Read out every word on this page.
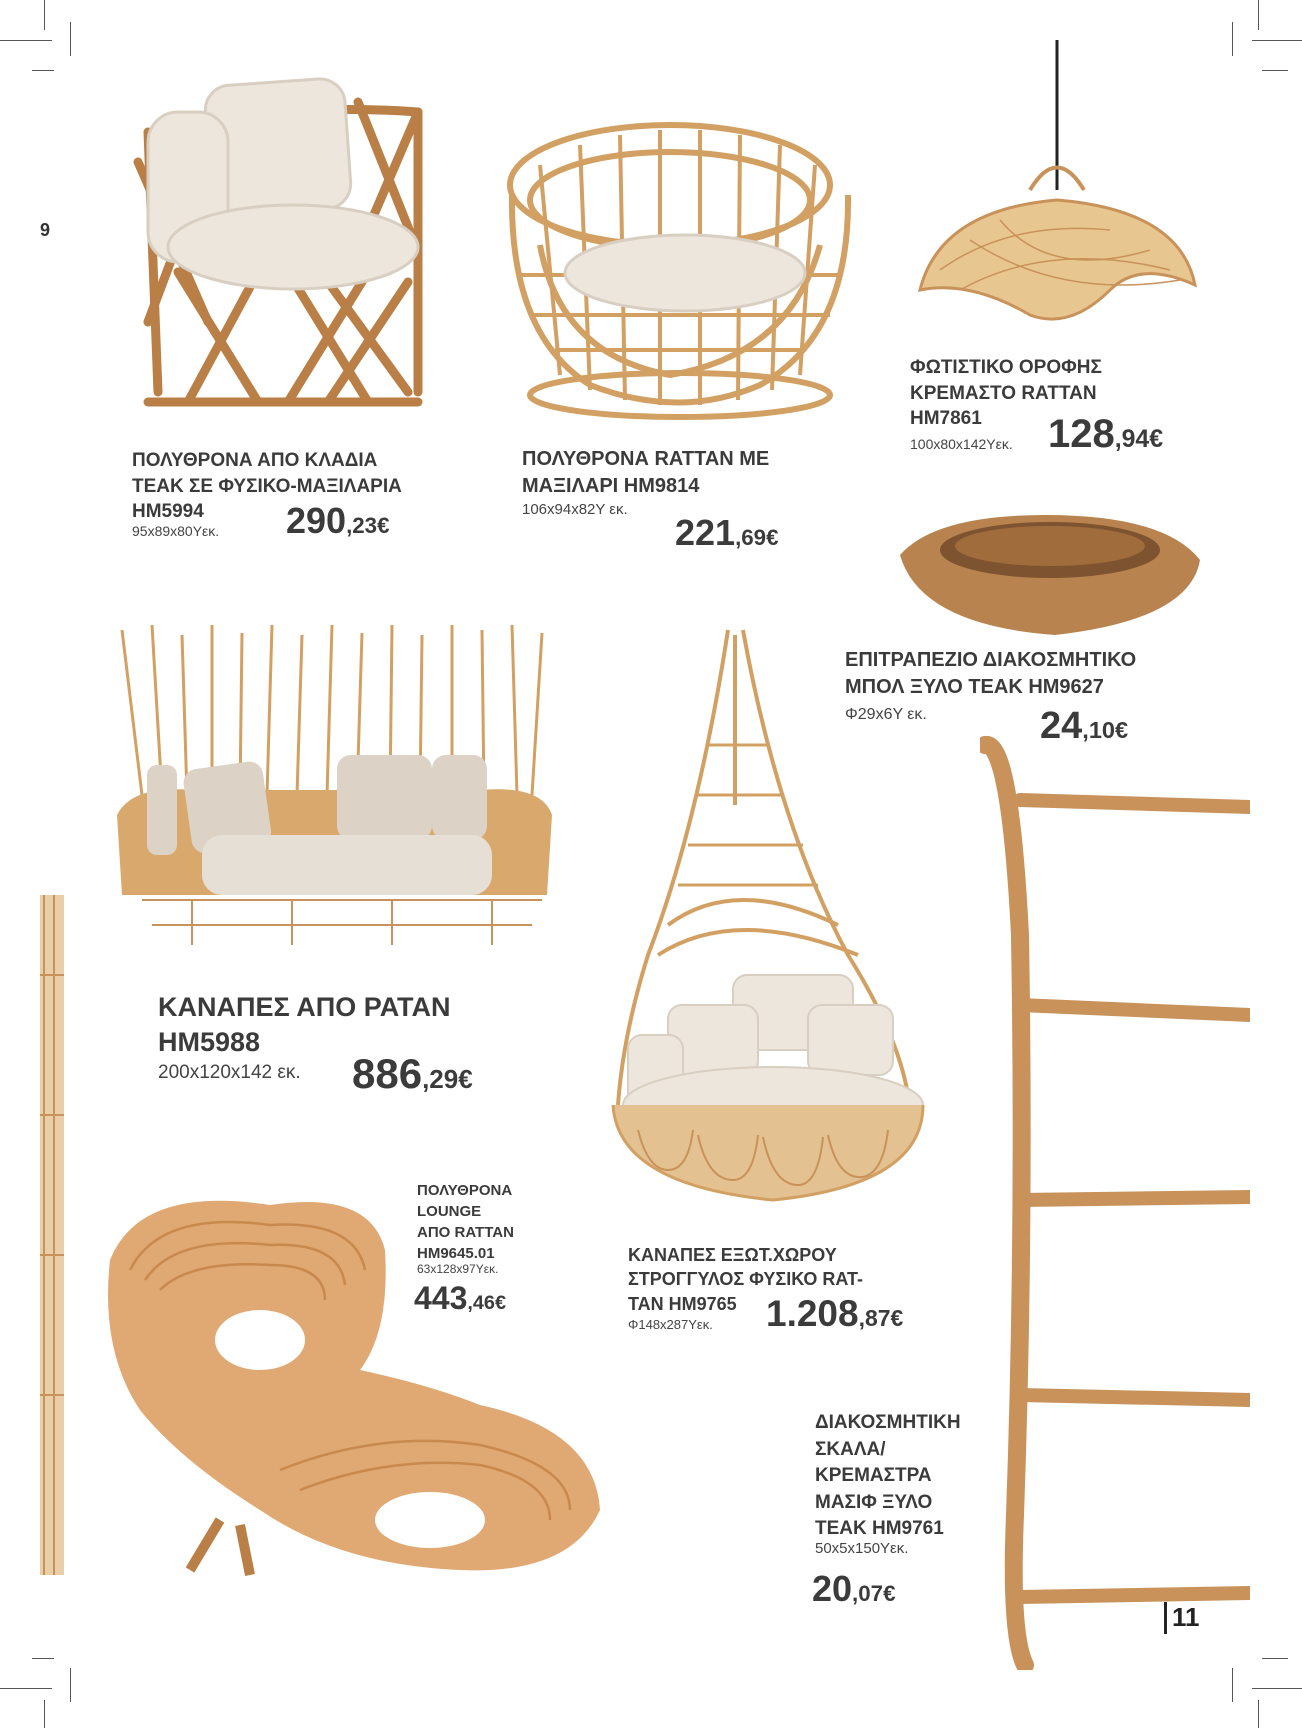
9
ΠΟΛΥΘΡΟΝΑ ΑΠΟ ΚΛΑΔΙΑ
ΤΕΑΚ ΣΕ ΦΥΣΙΚΟ-ΜΑΞΙΛΑΡΙΑ
HM5994
95x89x80Υεκ. 290,23€
ΠΟΛΥΘΡΟΝΑ RATTAN ΜΕ
ΜΑΞΙΛΑΡΙ HM9814
106x94x82Υ εκ.
221,69€
ΦΩΤΙΣΤΙΚΟ ΟΡΟΦΗΣ
ΚΡΕΜΑΣΤΟ RATTAN
HM7861
100x80x142Υεκ. 128,94€
ΕΠΙΤΡΑΠΕΖΙΟ ΔΙΑΚΟΣΜΗΤΙΚΟ
ΜΠΟΛ ΞΥΛΟ ΤΕΑΚ HM9627
Φ29x6Υ εκ.	24,10€
ΚΑΝΑΠΕΣ ΑΠΟ ΡΑΤΑΝ
HM5988
200x120x142 εκ. 886,29€
ΠΟΛΥΘΡΟΝΑ
LOUNGE
ΑΠΟ RATTAN
HM9645.01
63x128x97Υεκ.
443,46€
ΚΑΝΑΠΕΣ ΕΞΩΤ.ΧΩΡΟΥ
ΣΤΡΟΓΓΥΛΟΣ ΦΥΣΙΚΟ RAT-
TAN HM9765
Φ148x287Υεκ. 1.208,87€
ΔΙΑΚΟΣΜΗΤΙΚΗ
ΣΚΑΛΑ/
ΚΡΕΜΑΣΤΡΑ
ΜΑΣΙΦ ΞΥΛΟ
ΤΕΑΚ HM9761
50x5x150Υεκ.
20,07€
11
